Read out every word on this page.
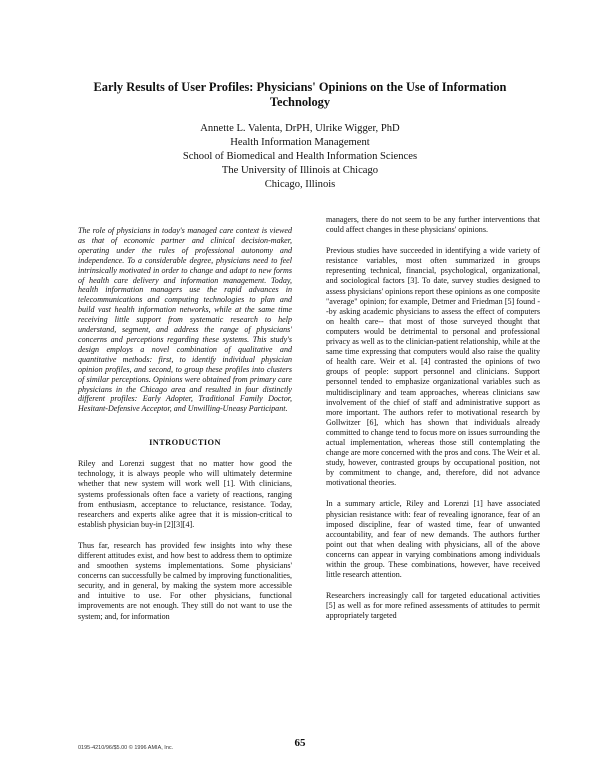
Early Results of User Profiles: Physicians' Opinions on the Use of Information Technology
Annette L. Valenta, DrPH, Ulrike Wigger, PhD
Health Information Management
School of Biomedical and Health Information Sciences
The University of Illinois at Chicago
Chicago, Illinois

The role of physicians in today's managed care context is viewed as that of economic partner and clinical decision-maker, operating under the rules of professional autonomy and independence. To a considerable degree, physicians need to feel intrinsically motivated in order to change and adapt to new forms of health care delivery and information management. Today, health information managers use the rapid advances in telecommunications and computing technologies to plan and build vast health information networks, while at the same time receiving little support from systematic research to help understand, segment, and address the range of physicians' concerns and perceptions regarding these systems. This study's design employs a novel combination of qualitative and quantitative methods: first, to identify individual physician opinion profiles, and second, to group these profiles into clusters of similar perceptions. Opinions were obtained from primary care physicians in the Chicago area and resulted in four distinctly different profiles: Early Adopter, Traditional Family Doctor, Hesitant-Defensive Acceptor, and Unwilling-Uneasy Participant.

INTRODUCTION

Riley and Lorenzi suggest that no matter how good the technology, it is always people who will ultimately determine whether that new system will work well [1]. With clinicians, systems professionals often face a variety of reactions, ranging from enthusiasm, acceptance to reluctance, resistance. Today, researchers and experts alike agree that it is mission-critical to establish physician buy-in [2][3][4].

Thus far, research has provided few insights into why these different attitudes exist, and how best to address them to optimize and smoothen systems implementations. Some physicians' concerns can successfully be calmed by improving functionalities, security, and in general, by making the system more accessible and intuitive to use. For other physicians, functional improvements are not enough. They still do not want to use the system; and, for information

managers, there do not seem to be any further interventions that could affect changes in these physicians' opinions.

Previous studies have succeeded in identifying a wide variety of resistance variables, most often summarized in groups representing technical, financial, psychological, organizational, and sociological factors [3]. To date, survey studies designed to assess physicians' opinions report these opinions as one composite "average" opinion; for example, Detmer and Friedman [5] found --by asking academic physicians to assess the effect of computers on health care-- that most of those surveyed thought that computers would be detrimental to personal and professional privacy as well as to the clinician-patient relationship, while at the same time expressing that computers would also raise the quality of health care. Weir et al. [4] contrasted the opinions of two groups of people: support personnel and clinicians. Support personnel tended to emphasize organizational variables such as multidisciplinary and team approaches, whereas clinicians saw involvement of the chief of staff and administrative support as more important. The authors refer to motivational research by Gollwitzer [6], which has shown that individuals already committed to change tend to focus more on issues surrounding the actual implementation, whereas those still contemplating the change are more concerned with the pros and cons. The Weir et al. study, however, contrasted groups by occupational position, not by commitment to change, and, therefore, did not advance motivational theories.

In a summary article, Riley and Lorenzi [1] have associated physician resistance with: fear of revealing ignorance, fear of an imposed discipline, fear of wasted time, fear of unwanted accountability, and fear of new demands. The authors further point out that when dealing with physicians, all of the above concerns can appear in varying combinations among individuals within the group. These combinations, however, have received little research attention.

Researchers increasingly call for targeted educational activities [5] as well as for more refined assessments of attitudes to permit appropriately targeted

0195-4210/96/$5.00 © 1996 AMIA, Inc.	65
